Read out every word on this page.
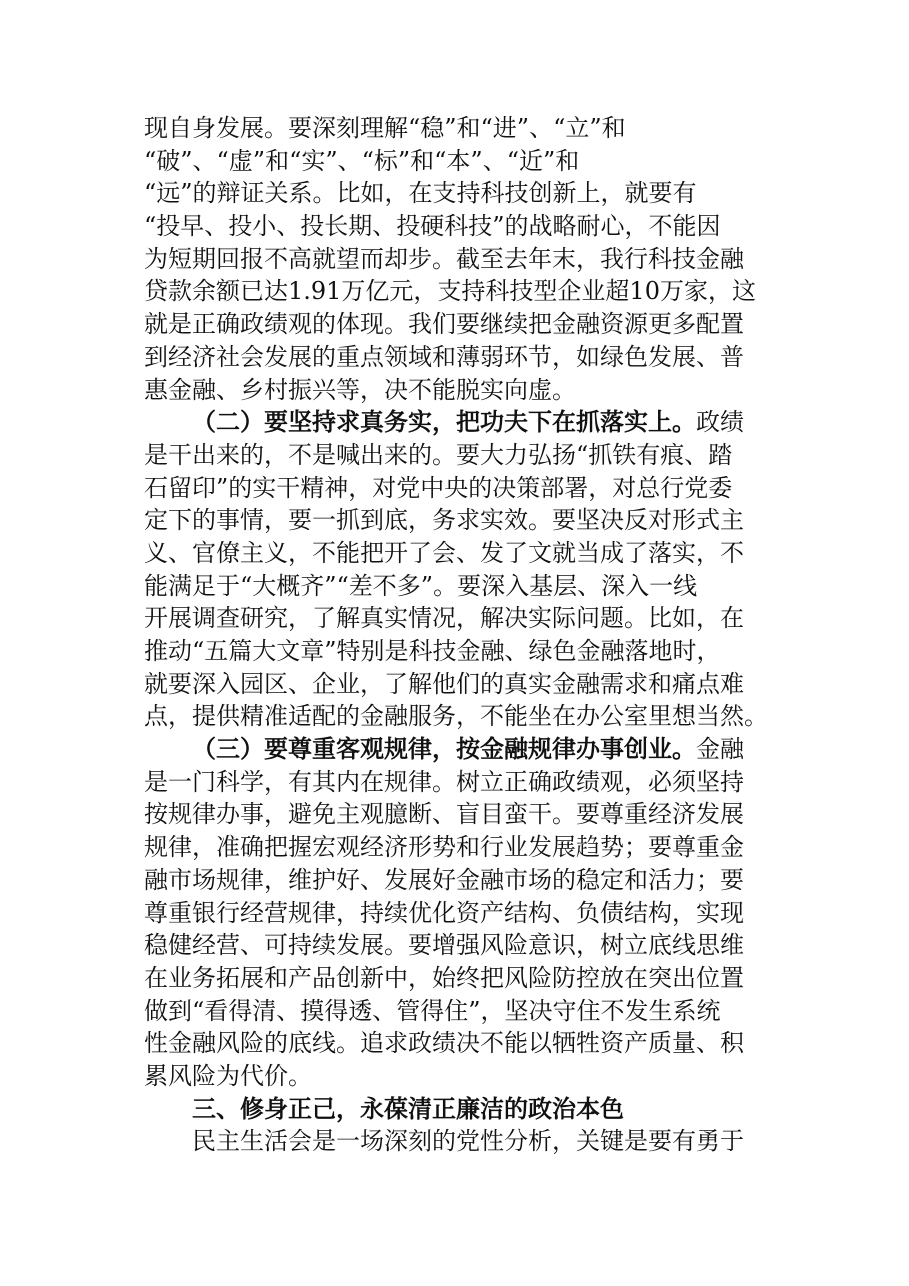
现自身发展。要深刻理解“稳”和“进”、“立”和
“破”、“虚”和“实”、“标”和“本”、“近”和
“远”的辩证关系。比如，在支持科技创新上，就要有
“投早、投小、投长期、投硬科技”的战略耐心，不能因
为短期回报不高就望而却步。截至去年末，我行科技金融
贷款余额已达1.91万亿元，支持科技型企业超10万家，这
就是正确政绩观的体现。我们要继续把金融资源更多配置
到经济社会发展的重点领域和薄弱环节，如绿色发展、普
惠金融、乡村振兴等，决不能脱实向虚。
（二）要坚持求真务实，把功夫下在抓落实上。政绩
是干出来的，不是喊出来的。要大力弘扬“抓铁有痕、踏
石留印”的实干精神，对党中央的决策部署，对总行党委
定下的事情，要一抓到底，务求实效。要坚决反对形式主
义、官僚主义，不能把开了会、发了文就当成了落实，不
能满足于“大概齐”“差不多”。要深入基层、深入一线
开展调查研究，了解真实情况，解决实际问题。比如，在
推动“五篇大文章”特别是科技金融、绿色金融落地时，
就要深入园区、企业，了解他们的真实金融需求和痛点难
点，提供精准适配的金融服务，不能坐在办公室里想当然。
（三）要尊重客观规律，按金融规律办事创业。金融
是一门科学，有其内在规律。树立正确政绩观，必须坚持
按规律办事，避免主观臆断、盲目蛮干。要尊重经济发展
规律，准确把握宏观经济形势和行业发展趋势；要尊重金
融市场规律，维护好、发展好金融市场的稳定和活力；要
尊重银行经营规律，持续优化资产结构、负债结构，实现
稳健经营、可持续发展。要增强风险意识，树立底线思维
在业务拓展和产品创新中，始终把风险防控放在突出位置
做到“看得清、摸得透、管得住”，坚决守住不发生系统
性金融风险的底线。追求政绩决不能以牺牲资产质量、积
累风险为代价。
三、修身正己，永葆清正廉洁的政治本色
民主生活会是一场深刻的党性分析，关键是要有勇于
